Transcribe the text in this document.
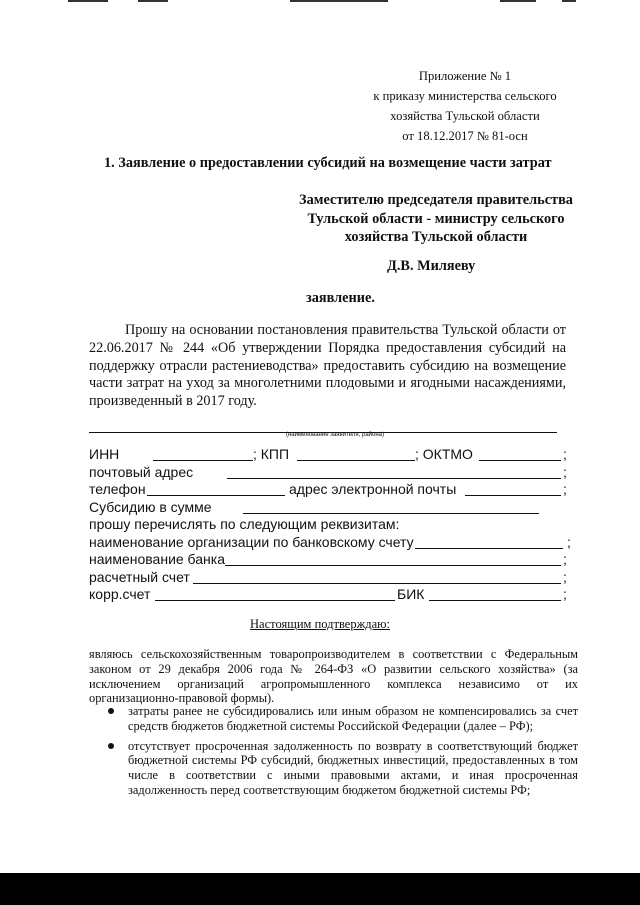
Приложение № 1
к приказу министерства сельского
хозяйства Тульской области
от 18.12.2017 № 81-осн
1. Заявление о предоставлении субсидий на возмещение части затрат
Заместителю председателя правительства
Тульской области - министру сельского
хозяйства Тульской области
Д.В. Миляеву
заявление.
Прошу на основании постановления правительства Тульской области от 22.06.2017 № 244 «Об утверждении Порядка предоставления субсидий на поддержку отрасли растениеводства» предоставить субсидию на возмещение части затрат на уход за многолетними плодовыми и ягодными насаждениями, произведенный в 2017 году.
(наименование заявителя, района)
ИНН	; КПП	; ОКТМО	;
почтовый адрес	;
телефон	адрес электронной почты	;
Субсидию в сумме
прошу перечислять по следующим реквизитам:
наименование организации по банковскому счету	;
наименование банка	;
расчетный счет	;
корр.счет	БИК	;
Настоящим подтверждаю:
являюсь сельскохозяйственным товаропроизводителем в соответствии с Федеральным законом от 29 декабря 2006 года № 264-ФЗ «О развитии сельского хозяйства» (за исключением организаций агропромышленного комплекса независимо от их организационно-правовой формы).
затраты ранее не субсидировались или иным образом не компенсировались за счет средств бюджетов бюджетной системы Российской Федерации (далее – РФ);
отсутствует просроченная задолженность по возврату в соответствующий бюджет бюджетной системы РФ субсидий, бюджетных инвестиций, предоставленных в том числе в соответствии с иными правовыми актами, и иная просроченная задолженность перед соответствующим бюджетом бюджетной системы РФ;
